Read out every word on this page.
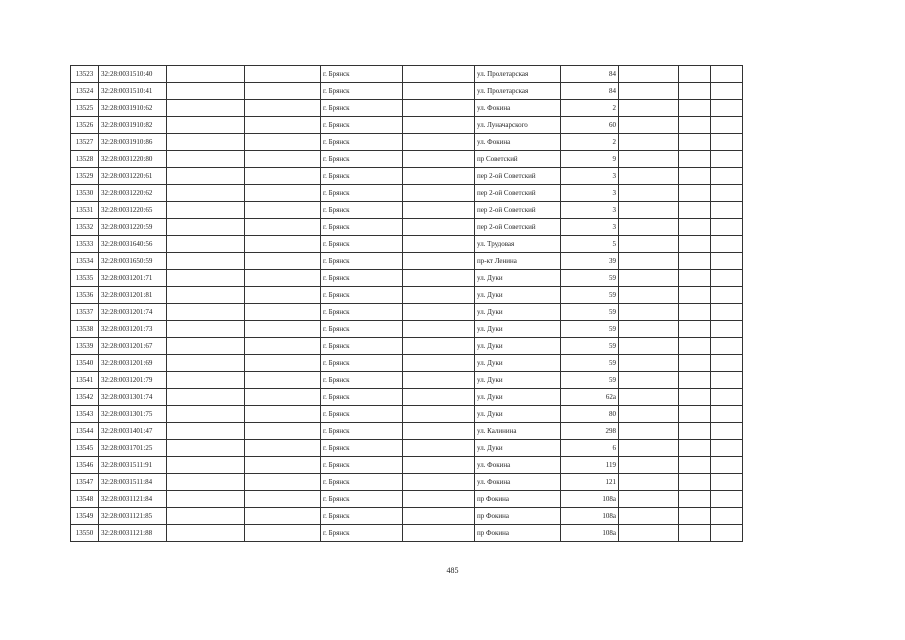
13523	32:28:0031510:40			г. Брянск		ул. Пролетарская	84			
13524	32:28:0031510:41			г. Брянск		ул. Пролетарская	84			
13525	32:28:0031910:62			г. Брянск		ул. Фокина	2			
13526	32:28:0031910:82			г. Брянск		ул. Луначарского	60			
13527	32:28:0031910:86			г. Брянск		ул. Фокина	2			
13528	32:28:0031220:80			г. Брянск		пр Советский	9			
13529	32:28:0031220:61			г. Брянск		пер 2-ой Советский	3			
13530	32:28:0031220:62			г. Брянск		пер 2-ой Советский	3			
13531	32:28:0031220:65			г. Брянск		пер 2-ой Советский	3			
13532	32:28:0031220:59			г. Брянск		пер 2-ой Советский	3			
13533	32:28:0031640:56			г. Брянск		ул. Трудовая	5			
13534	32:28:0031650:59			г. Брянск		пр-кт Ленина	39			
13535	32:28:0031201:71			г. Брянск		ул. Дуки	59			
13536	32:28:0031201:81			г. Брянск		ул. Дуки	59			
13537	32:28:0031201:74			г. Брянск		ул. Дуки	59			
13538	32:28:0031201:73			г. Брянск		ул. Дуки	59			
13539	32:28:0031201:67			г. Брянск		ул. Дуки	59			
13540	32:28:0031201:69			г. Брянск		ул. Дуки	59			
13541	32:28:0031201:79			г. Брянск		ул. Дуки	59			
13542	32:28:0031301:74			г. Брянск		ул. Дуки	62а			
13543	32:28:0031301:75			г. Брянск		ул. Дуки	80			
13544	32:28:0031401:47			г. Брянск		ул. Калинина	298			
13545	32:28:0031701:25			г. Брянск		ул. Дуки	6			
13546	32:28:0031511:91			г. Брянск		ул. Фокина	119			
13547	32:28:0031511:84			г. Брянск		ул. Фокина	121			
13548	32:28:0031121:84			г. Брянск		пр Фокина	108а			
13549	32:28:0031121:85			г. Брянск		пр Фокина	108а			
13550	32:28:0031121:88			г. Брянск		пр Фокина	108а			
485
